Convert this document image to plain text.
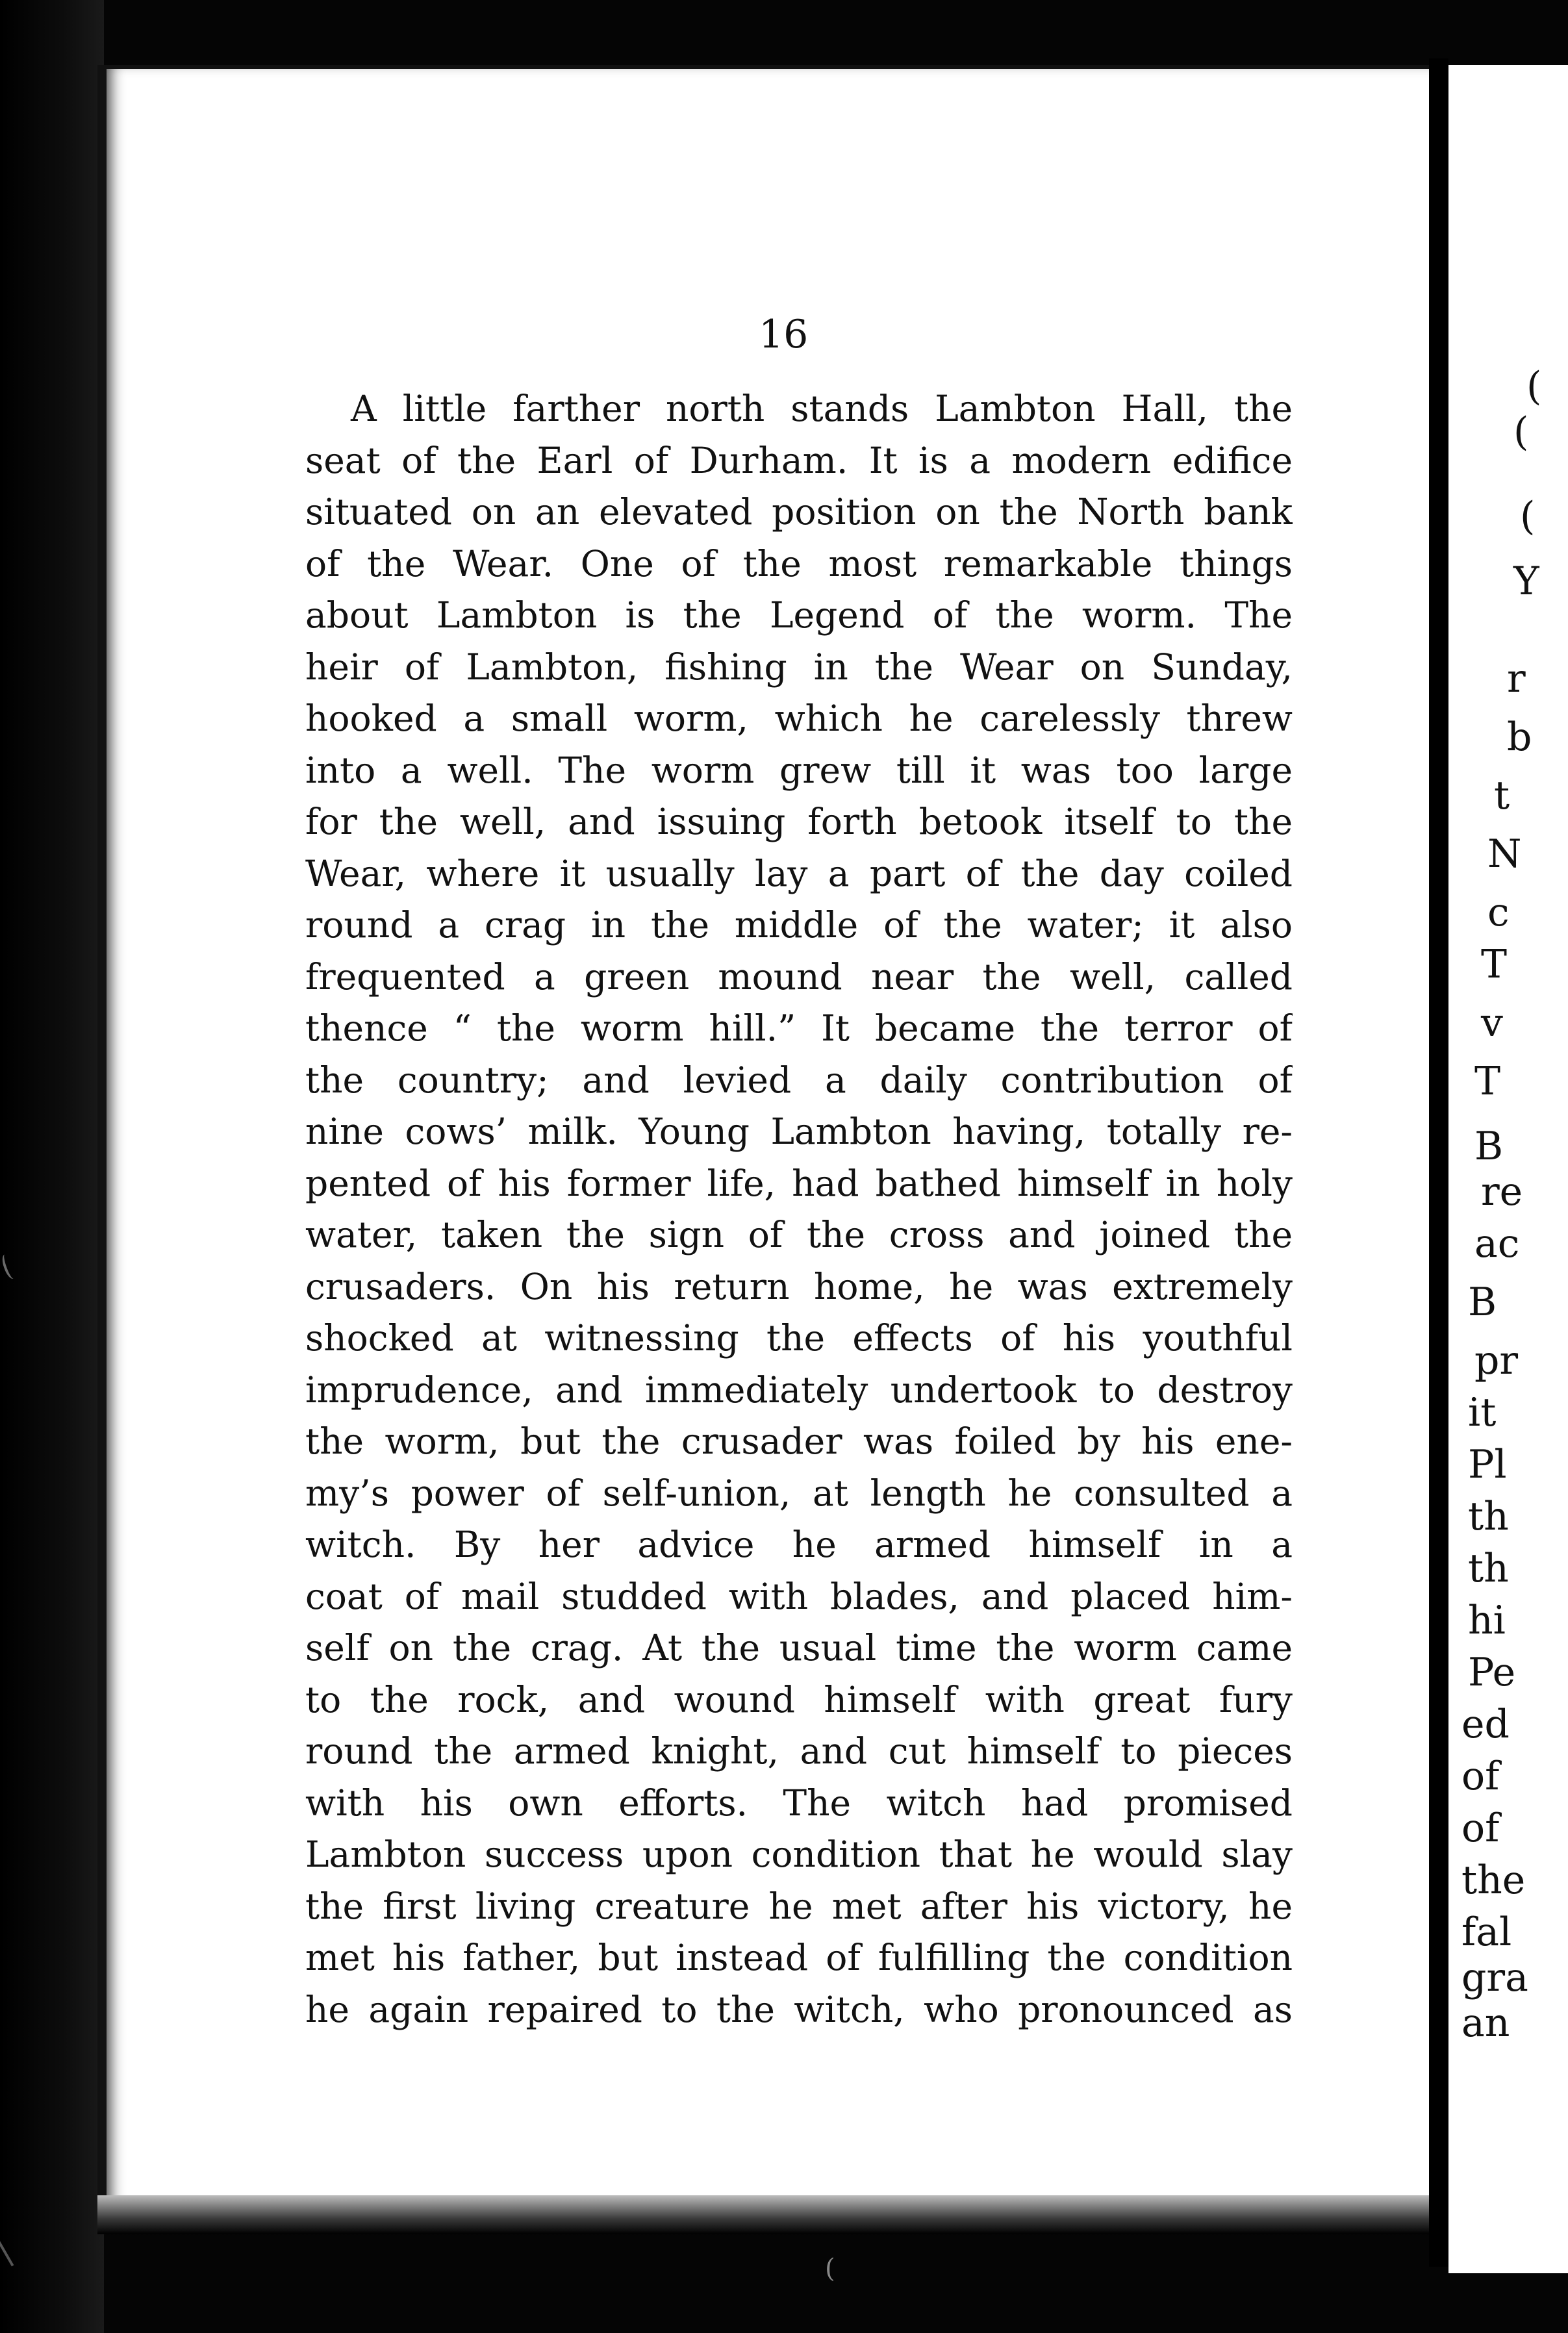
(
(
(
Y
r
b
t
N
c
T
v
T
B
re
ac
B
pr
it
Pl
th
th
hi
Pe
ed
of
of
the
fal
gra
an

16

A little farther north stands Lambton Hall, the
seat of the Earl of Durham. It is a modern edifice
situated on an elevated position on the North bank
of the Wear. One of the most remarkable things
about Lambton is the Legend of the worm. The
heir of Lambton, fishing in the Wear on Sunday,
hooked a small worm, which he carelessly threw
into a well. The worm grew till it was too large
for the well, and issuing forth betook itself to the
Wear, where it usually lay a part of the day coiled
round a crag in the middle of the water; it also
frequented a green mound near the well, called
thence “ the worm hill.” It became the terror of
the country; and levied a daily contribution of
nine cows’ milk. Young Lambton having, totally re-
pented of his former life, had bathed himself in holy
water, taken the sign of the cross and joined the
crusaders. On his return home, he was extremely
shocked at witnessing the effects of his youthful
imprudence, and immediately undertook to destroy
the worm, but the crusader was foiled by his ene-
my’s power of self-union, at length he consulted a
witch. By her advice he armed himself in a
coat of mail studded with blades, and placed him-
self on the crag. At the usual time the worm came
to the rock, and wound himself with great fury
round the armed knight, and cut himself to pieces
with his own efforts. The witch had promised
Lambton success upon condition that he would slay
the first living creature he met after his victory, he
met his father, but instead of fulfilling the condition
he again repaired to the witch, who pronounced as
(
